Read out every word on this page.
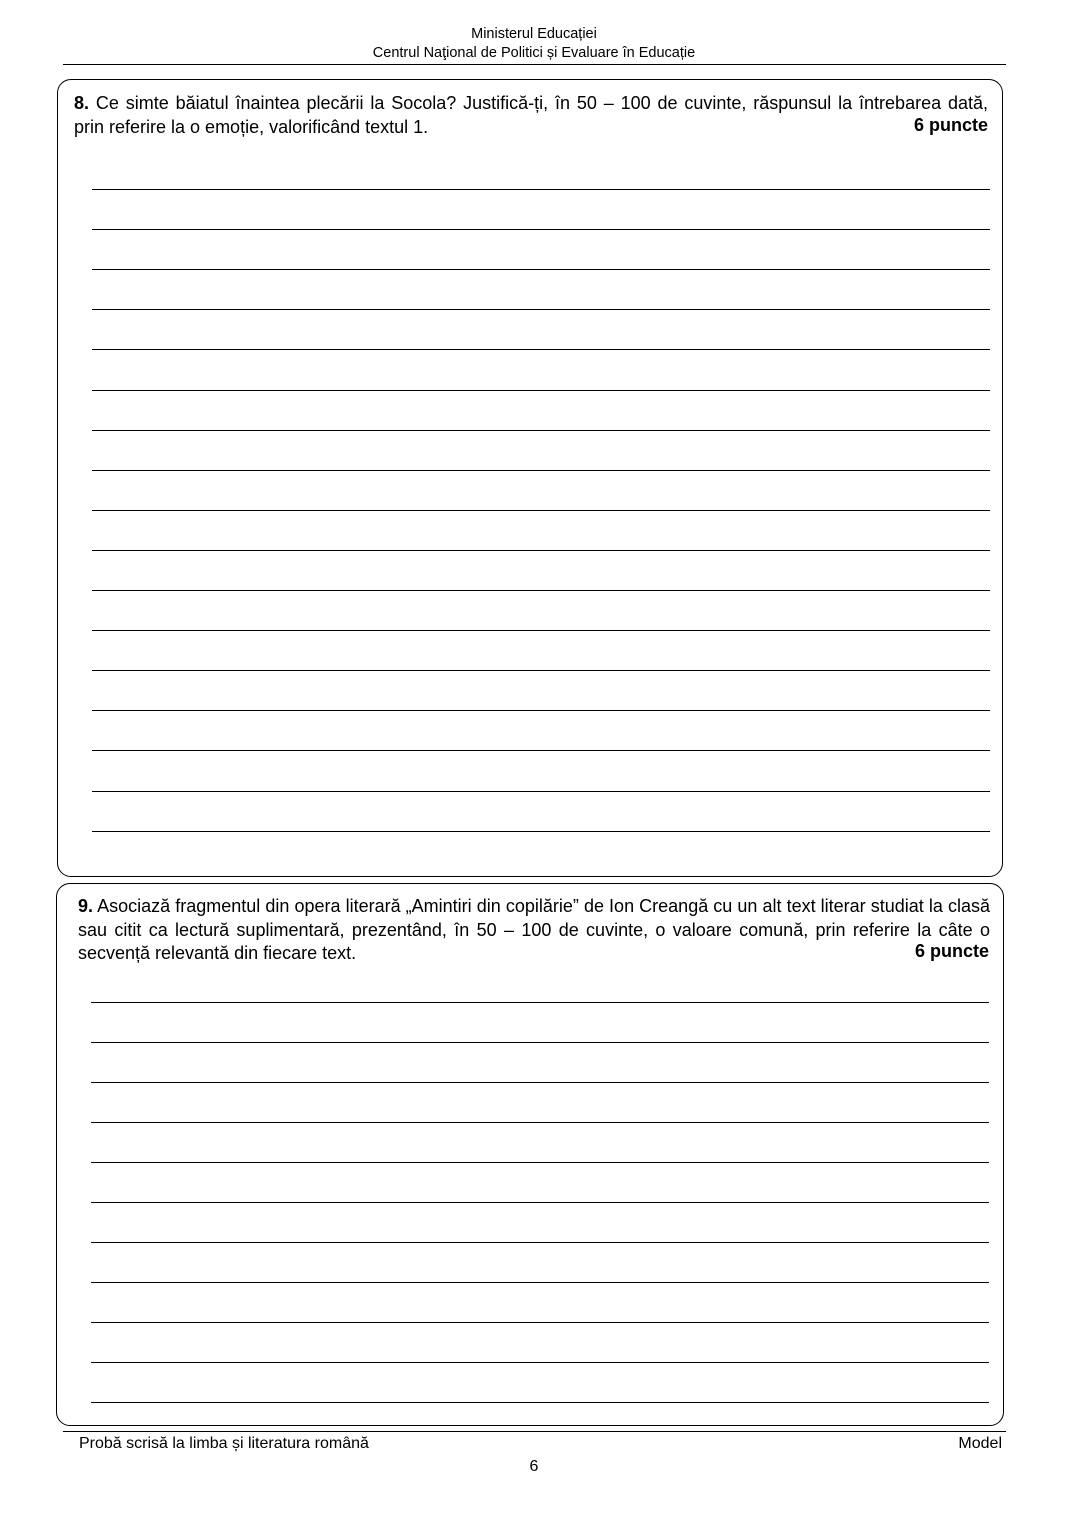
Ministerul Educației
Centrul Naţional de Politici și Evaluare în Educație
8. Ce simte băiatul înaintea plecării la Socola? Justifică-ți, în 50 – 100 de cuvinte, răspunsul la întrebarea dată, prin referire la o emoție, valorificând textul 1.	6 puncte
9. Asociază fragmentul din opera literară „Amintiri din copilărie” de Ion Creangă cu un alt text literar studiat la clasă sau citit ca lectură suplimentară, prezentând, în 50 – 100 de cuvinte, o valoare comună, prin referire la câte o secvență relevantă din fiecare text.	6 puncte
Probă scrisă la limba și literatura română	Model
6
